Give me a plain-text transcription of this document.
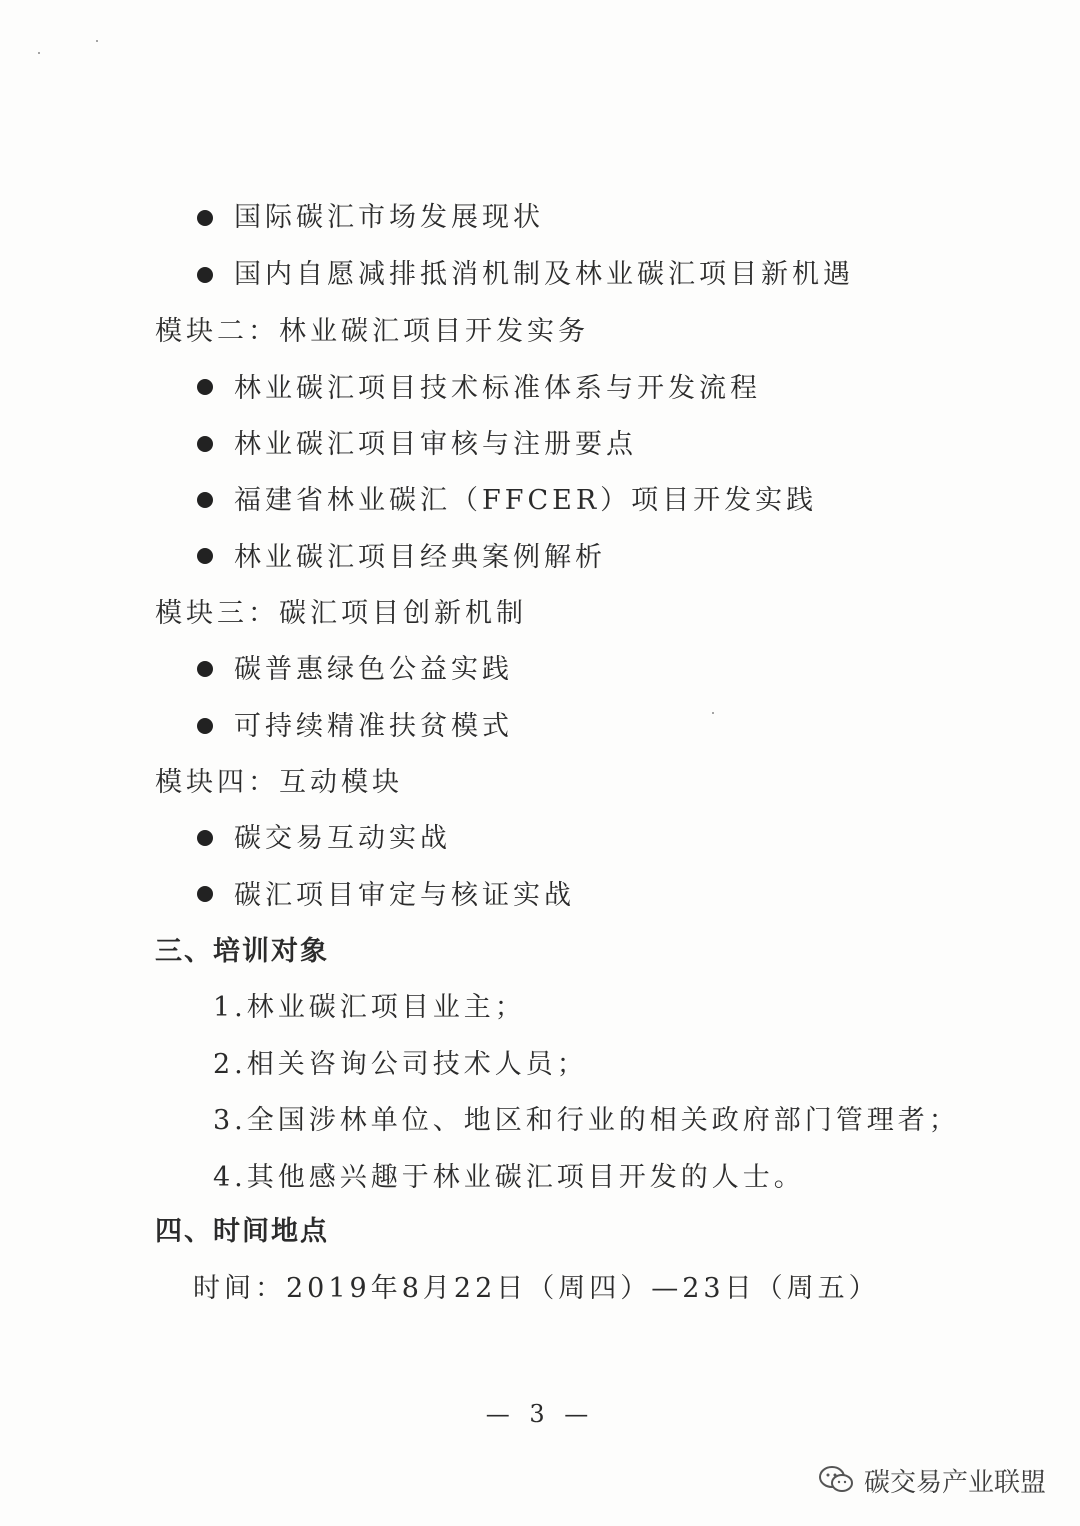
国际碳汇市场发展现状
国内自愿减排抵消机制及林业碳汇项目新机遇
模块二：林业碳汇项目开发实务
林业碳汇项目技术标准体系与开发流程
林业碳汇项目审核与注册要点
福建省林业碳汇（FFCER）项目开发实践
林业碳汇项目经典案例解析
模块三：碳汇项目创新机制
碳普惠绿色公益实践
可持续精准扶贫模式
模块四：互动模块
碳交易互动实战
碳汇项目审定与核证实战
三、培训对象
1.林业碳汇项目业主；
2.相关咨询公司技术人员；
3.全国涉林单位、地区和行业的相关政府部门管理者；
4.其他感兴趣于林业碳汇项目开发的人士。
四、时间地点
时间：2019年8月22日（周四）—23日（周五）
— 3 —
碳交易产业联盟
